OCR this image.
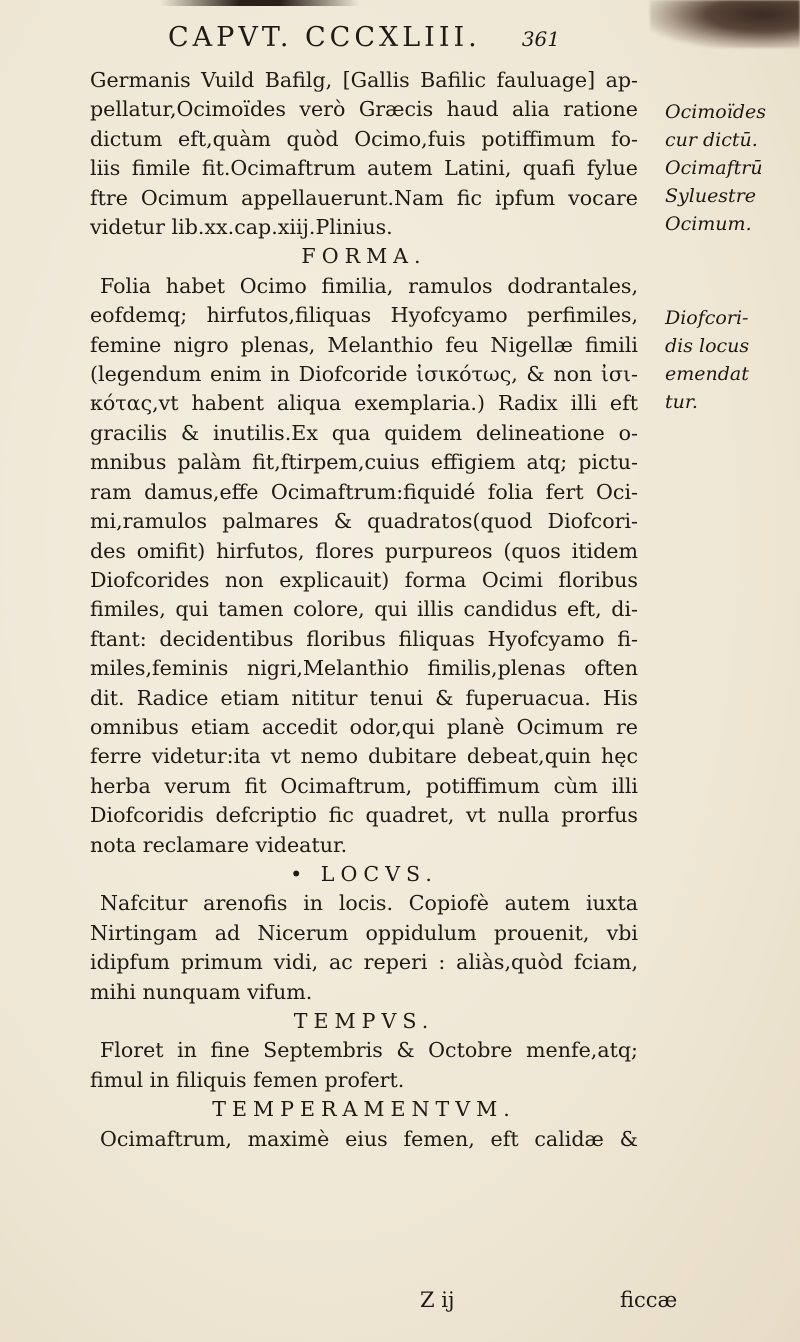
CAPVT. CCCXLIII. 361
Germanis Vuild Bafilg, [Gallis Bafilic fauluage] ap-
pellatur,Ocimoïdes verò Græcis haud alia ratione
dictum eft,quàm quòd Ocimo,fuis potiffimum fo-
liis fimile fit.Ocimaftrum autem Latini, quafi fylue
ftre Ocimum appellauerunt.Nam fic ipfum vocare
videtur lib.xx.cap.xiij.Plinius.
FORMA.
Folia habet Ocimo fimilia, ramulos dodrantales,
eofdemq; hirfutos,filiquas Hyofcyamo perfimiles,
femine nigro plenas, Melanthio feu Nigellæ fimili
(legendum enim in Diofcoride ἰσικότως, & non ἰσι-
κότας,vt habent aliqua exemplaria.) Radix illi eft
gracilis & inutilis.Ex qua quidem delineatione o-
mnibus palàm fit,ftirpem,cuius effigiem atq; pictu-
ram damus,effe Ocimaftrum:fiquidé folia fert Oci-
mi,ramulos palmares & quadratos(quod Diofcori-
des omifit) hirfutos, flores purpureos (quos itidem
Diofcorides non explicauit) forma Ocimi floribus
fimiles, qui tamen colore, qui illis candidus eft, di-
ftant: decidentibus floribus filiquas Hyofcyamo fi-
miles,feminis nigri,Melanthio fimilis,plenas often
dit. Radice etiam nititur tenui & fuperuacua. His
omnibus etiam accedit odor,qui planè Ocimum re
ferre videtur:ita vt nemo dubitare debeat,quin hęc
herba verum fit Ocimaftrum, potiffimum cùm illi
Diofcoridis defcriptio fic quadret, vt nulla prorfus
nota reclamare videatur.
• LOCVS.
Nafcitur arenofis in locis. Copiofè autem iuxta
Nirtingam ad Nicerum oppidulum prouenit, vbi
idipfum primum vidi, ac reperi : aliàs,quòd fciam,
mihi nunquam vifum.
TEMPVS.
Floret in fine Septembris & Octobre menfe,atq;
fimul in filiquis femen profert.
TEMPERAMENTVM.
Ocimaftrum, maximè eius femen, eft calidæ &
Ocimoïdes
cur dictū.
Ocimaftrū
Syluestre
Ocimum.
Diofcori-
dis locus
emendat
tur.
Z ij	ficcæ
